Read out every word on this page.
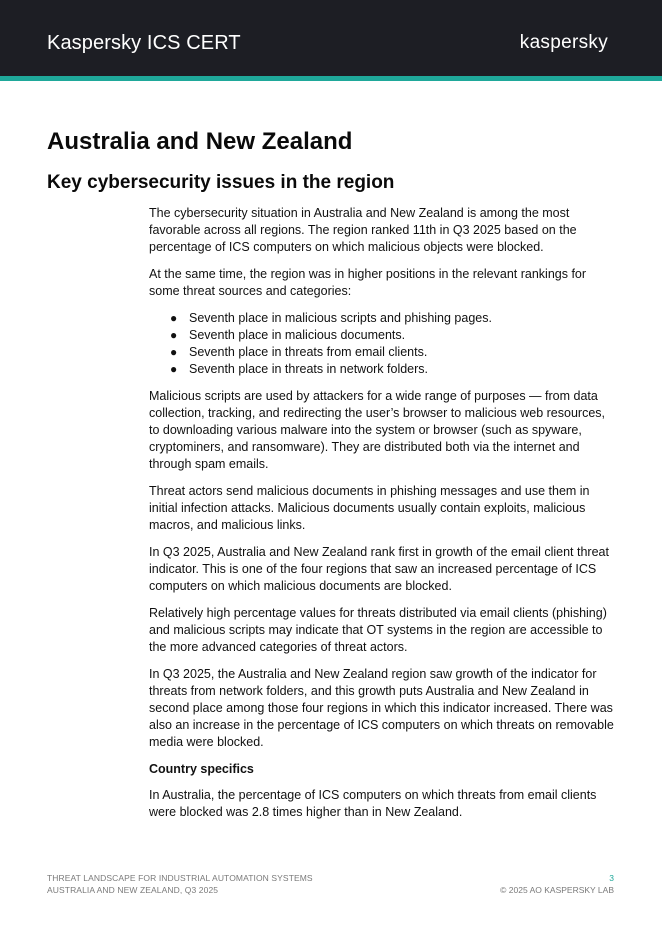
Kaspersky ICS CERT	kaspersky
Australia and New Zealand
Key cybersecurity issues in the region

The cybersecurity situation in Australia and New Zealand is among the most favorable across all regions. The region ranked 11th in Q3 2025 based on the percentage of ICS computers on which malicious objects were blocked.

At the same time, the region was in higher positions in the relevant rankings for some threat sources and categories:

● Seventh place in malicious scripts and phishing pages.
● Seventh place in malicious documents.
● Seventh place in threats from email clients.
● Seventh place in threats in network folders.

Malicious scripts are used by attackers for a wide range of purposes — from data collection, tracking, and redirecting the user’s browser to malicious web resources, to downloading various malware into the system or browser (such as spyware, cryptominers, and ransomware). They are distributed both via the internet and through spam emails.

Threat actors send malicious documents in phishing messages and use them in initial infection attacks. Malicious documents usually contain exploits, malicious macros, and malicious links.

In Q3 2025, Australia and New Zealand rank first in growth of the email client threat indicator. This is one of the four regions that saw an increased percentage of ICS computers on which malicious documents are blocked.

Relatively high percentage values for threats distributed via email clients (phishing) and malicious scripts may indicate that OT systems in the region are accessible to the more advanced categories of threat actors.

In Q3 2025, the Australia and New Zealand region saw growth of the indicator for threats from network folders, and this growth puts Australia and New Zealand in second place among those four regions in which this indicator increased. There was also an increase in the percentage of ICS computers on which threats on removable media were blocked.

Country specifics

In Australia, the percentage of ICS computers on which threats from email clients were blocked was 2.8 times higher than in New Zealand.

THREAT LANDSCAPE FOR INDUSTRIAL AUTOMATION SYSTEMS
AUSTRALIA AND NEW ZEALAND, Q3 2025
3
© 2025 AO KASPERSKY LAB
